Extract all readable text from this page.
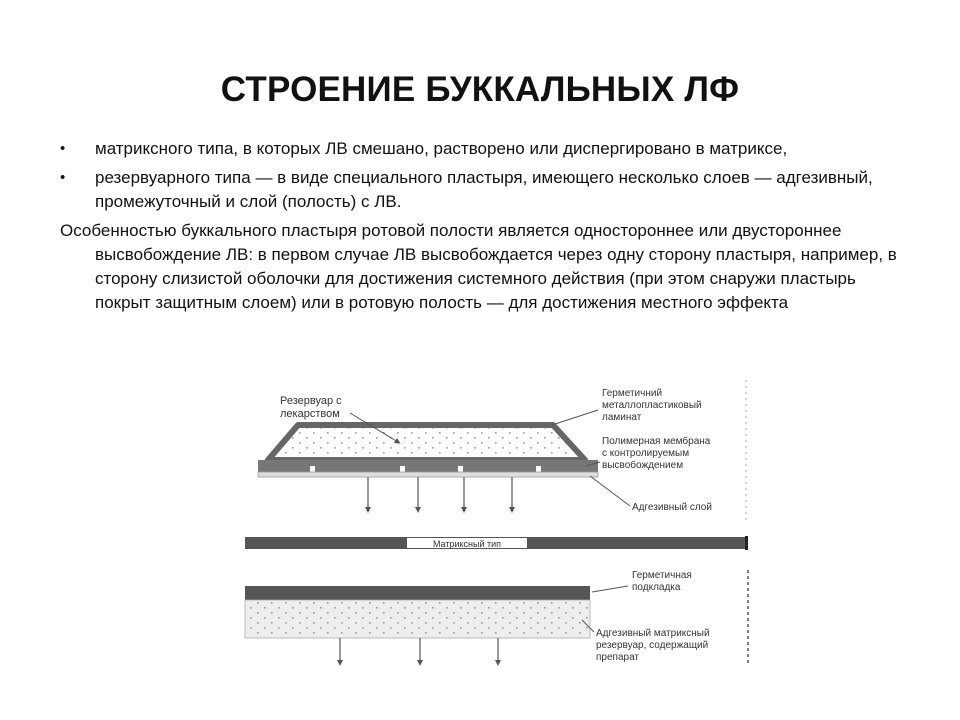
СТРОЕНИЕ БУККАЛЬНЫХ ЛФ
• матриксного типа, в которых ЛВ смешано, растворено или диспергировано в матриксе,
• резервуарного типа — в виде специального пластыря, имеющего несколько слоев — адгезивный, промежуточный и слой (полость) с ЛВ.
Особенностью буккального пластыря ротовой полости является одностороннее или двустороннее высвобождение ЛВ: в первом случае ЛВ высвобождается через одну сторону пластыря, например, в сторону слизистой оболочки для достижения системного действия (при этом снаружи пластырь покрыт защитным слоем) или в ротовую полость — для достижения местного эффекта
Резервуар с
лекарством
Герметичний
металлопластиковый
ламинат
Полимерная мембрана
с контролируемым
высвобождением
Адгезивный слой
Матриксный тип
Герметичная
подкладка
Адгезивный матриксный
резервуар, содержащий
препарат
